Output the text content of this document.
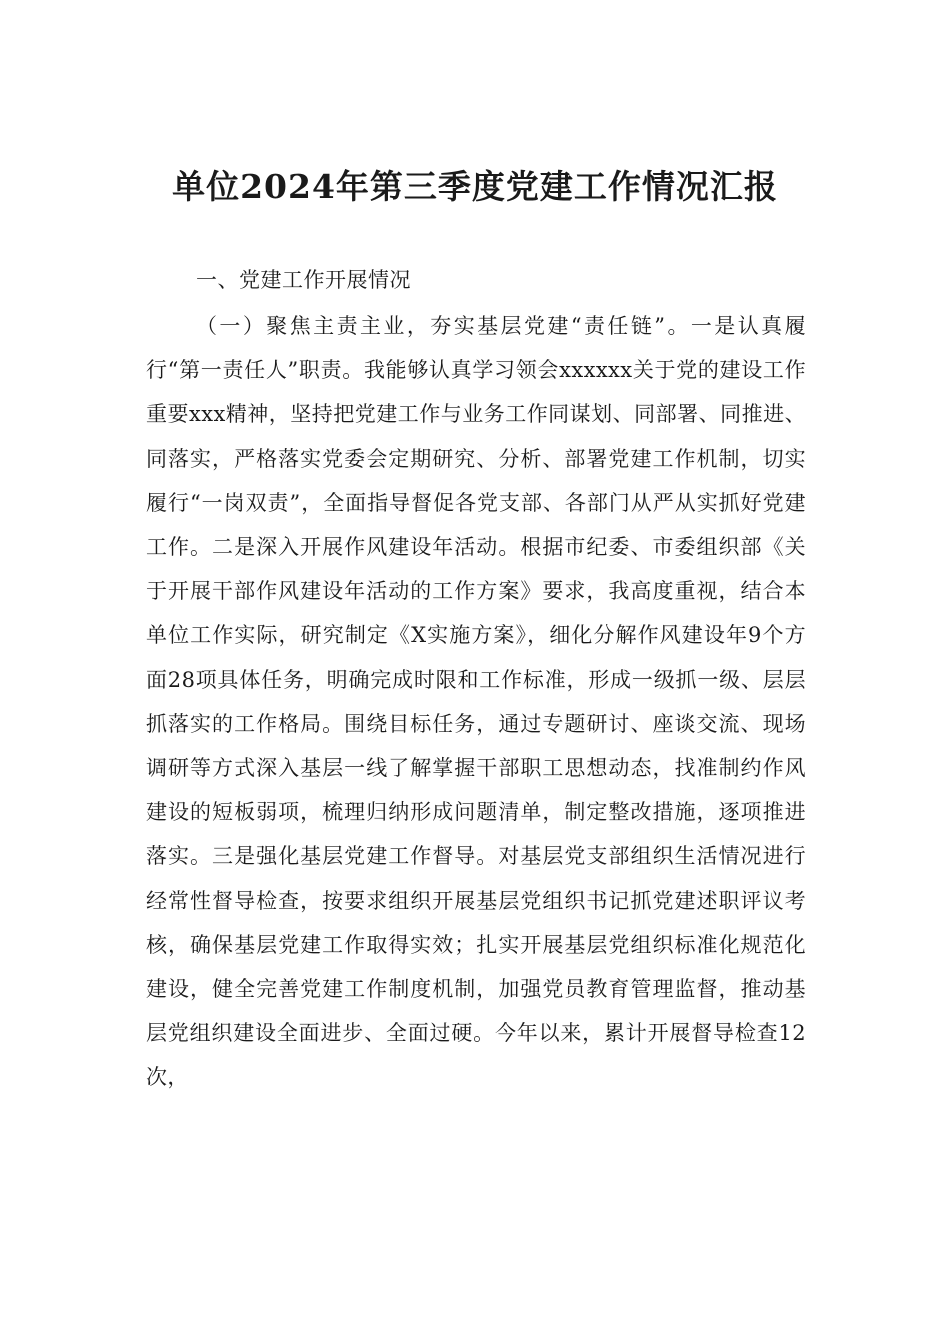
单位2024年第三季度党建工作情况汇报
一、党建工作开展情况

（一）聚焦主责主业，夯实基层党建“责任链”。一是认真履行“第一责任人”职责。我能够认真学习领会xxxxxx关于党的建设工作重要xxx精神，坚持把党建工作与业务工作同谋划、同部署、同推进、同落实，严格落实党委会定期研究、分析、部署党建工作机制，切实履行“一岗双责”，全面指导督促各党支部、各部门从严从实抓好党建工作。二是深入开展作风建设年活动。根据市纪委、市委组织部《关于开展干部作风建设年活动的工作方案》要求，我高度重视，结合本单位工作实际，研究制定《X实施方案》，细化分解作风建设年9个方面28项具体任务，明确完成时限和工作标准，形成一级抓一级、层层抓落实的工作格局。围绕目标任务，通过专题研讨、座谈交流、现场调研等方式深入基层一线了解掌握干部职工思想动态，找准制约作风建设的短板弱项，梳理归纳形成问题清单，制定整改措施，逐项推进落实。三是强化基层党建工作督导。对基层党支部组织生活情况进行经常性督导检查，按要求组织开展基层党组织书记抓党建述职评议考核，确保基层党建工作取得实效；扎实开展基层党组织标准化规范化建设，健全完善党建工作制度机制，加强党员教育管理监督，推动基层党组织建设全面进步、全面过硬。今年以来，累计开展督导检查12次，
